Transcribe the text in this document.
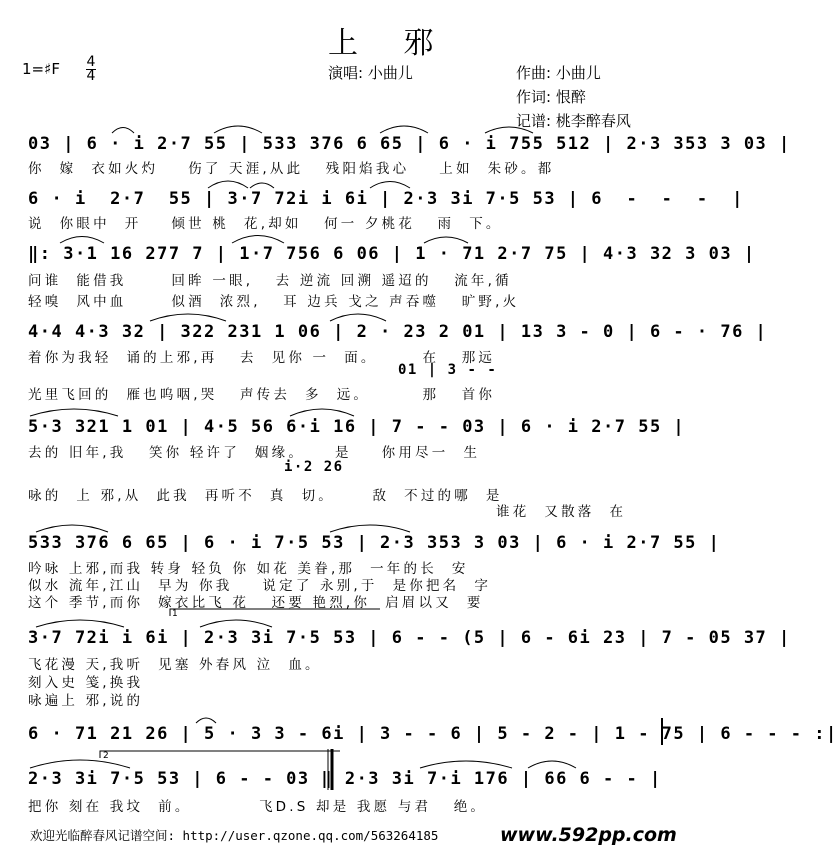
上 邪
1=♯F 4
4	演唱: 小曲儿	作曲: 小曲儿
作词: 恨醉
记谱: 桃李醉春风
03 | 6 · i 2·7 55 | 533 376 6 65 | 6 · i 755 512 | 2·3 353 3 03 |
你  嫁  衣如火灼    伤了 天涯,从此   残阳焰我心    上如  朱砂。都
6 · i  2·7  55 | 3·7 72i i 6i | 2·3 3i 7·5 53 | 6  -  -  -  |
说  你眼中  开    倾世 桃  花,却如   何一 夕桃花   雨  下。
‖: 3·1 16 277 7 | 1·7 756 6 06 | 1 · 71 2·7 75 | 4·3 32 3 03 |
问谁  能借我      回眸 一眼,   去 逆流 回溯 遥迢的   流年,循
轻嗅  风中血      似酒  浓烈,   耳 边兵 戈之 声吞噬   旷野,火
4·4 4·3 32 | 322 231 1 06 | 2 · 23 2 01 | 13 3 - 0 | 6 - · 76 |
着你为我轻  诵的上邪,再   去  见你 一  面。      在   那远
01 | 3 - -
光里飞回的  雁也呜咽,哭   声传去  多  远。       那   首你
5·3 321 1 01 | 4·5 56 6·i 16 | 7 - - 03 | 6 · i 2·7 55 |
去的 旧年,我   笑你 轻许了  姻缘。    是    你用尽一  生
i·2 26
咏的  上 邪,从  此我  再听不  真  切。     敌  不过的哪  是
谁花  又散落  在
533 376 6 65 | 6 · i 7·5 53 | 2·3 353 3 03 | 6 · i 2·7 55 |
吟咏 上邪,而我 转身 轻负 你 如花 美眷,那  一年的长  安
似水 流年,江山  早为 你我    说定了 永别,于  是你把名  字
这个 季节,而你  嫁衣比飞 花   还要 艳烈,你  启眉以又  要
3·7 72i i 6i | 2·3 3i 7·5 53 | 6 - - (5 | 6 - 6i 23 | 7 - 05 37 |
飞花漫 天,我听  见塞 外春风 泣  血。
刻入史 笺,换我
咏遍上 邪,说的
6 · 71 21 26 | 5 · 3 3 - 6i | 3 - - 6 | 5 - 2 - | 1 - 75 | 6 - - - :|
2·3 3i 7·5 53 | 6 - - 03 ‖ 2·3 3i 7·i 176 | 66 6 - - |
把你 刻在 我坟  前。         飞D.S 却是 我愿 与君   绝。
2
1
欢迎光临醉春风记谱空间: http://user.qzone.qq.com/563264185	www.592pp.com
